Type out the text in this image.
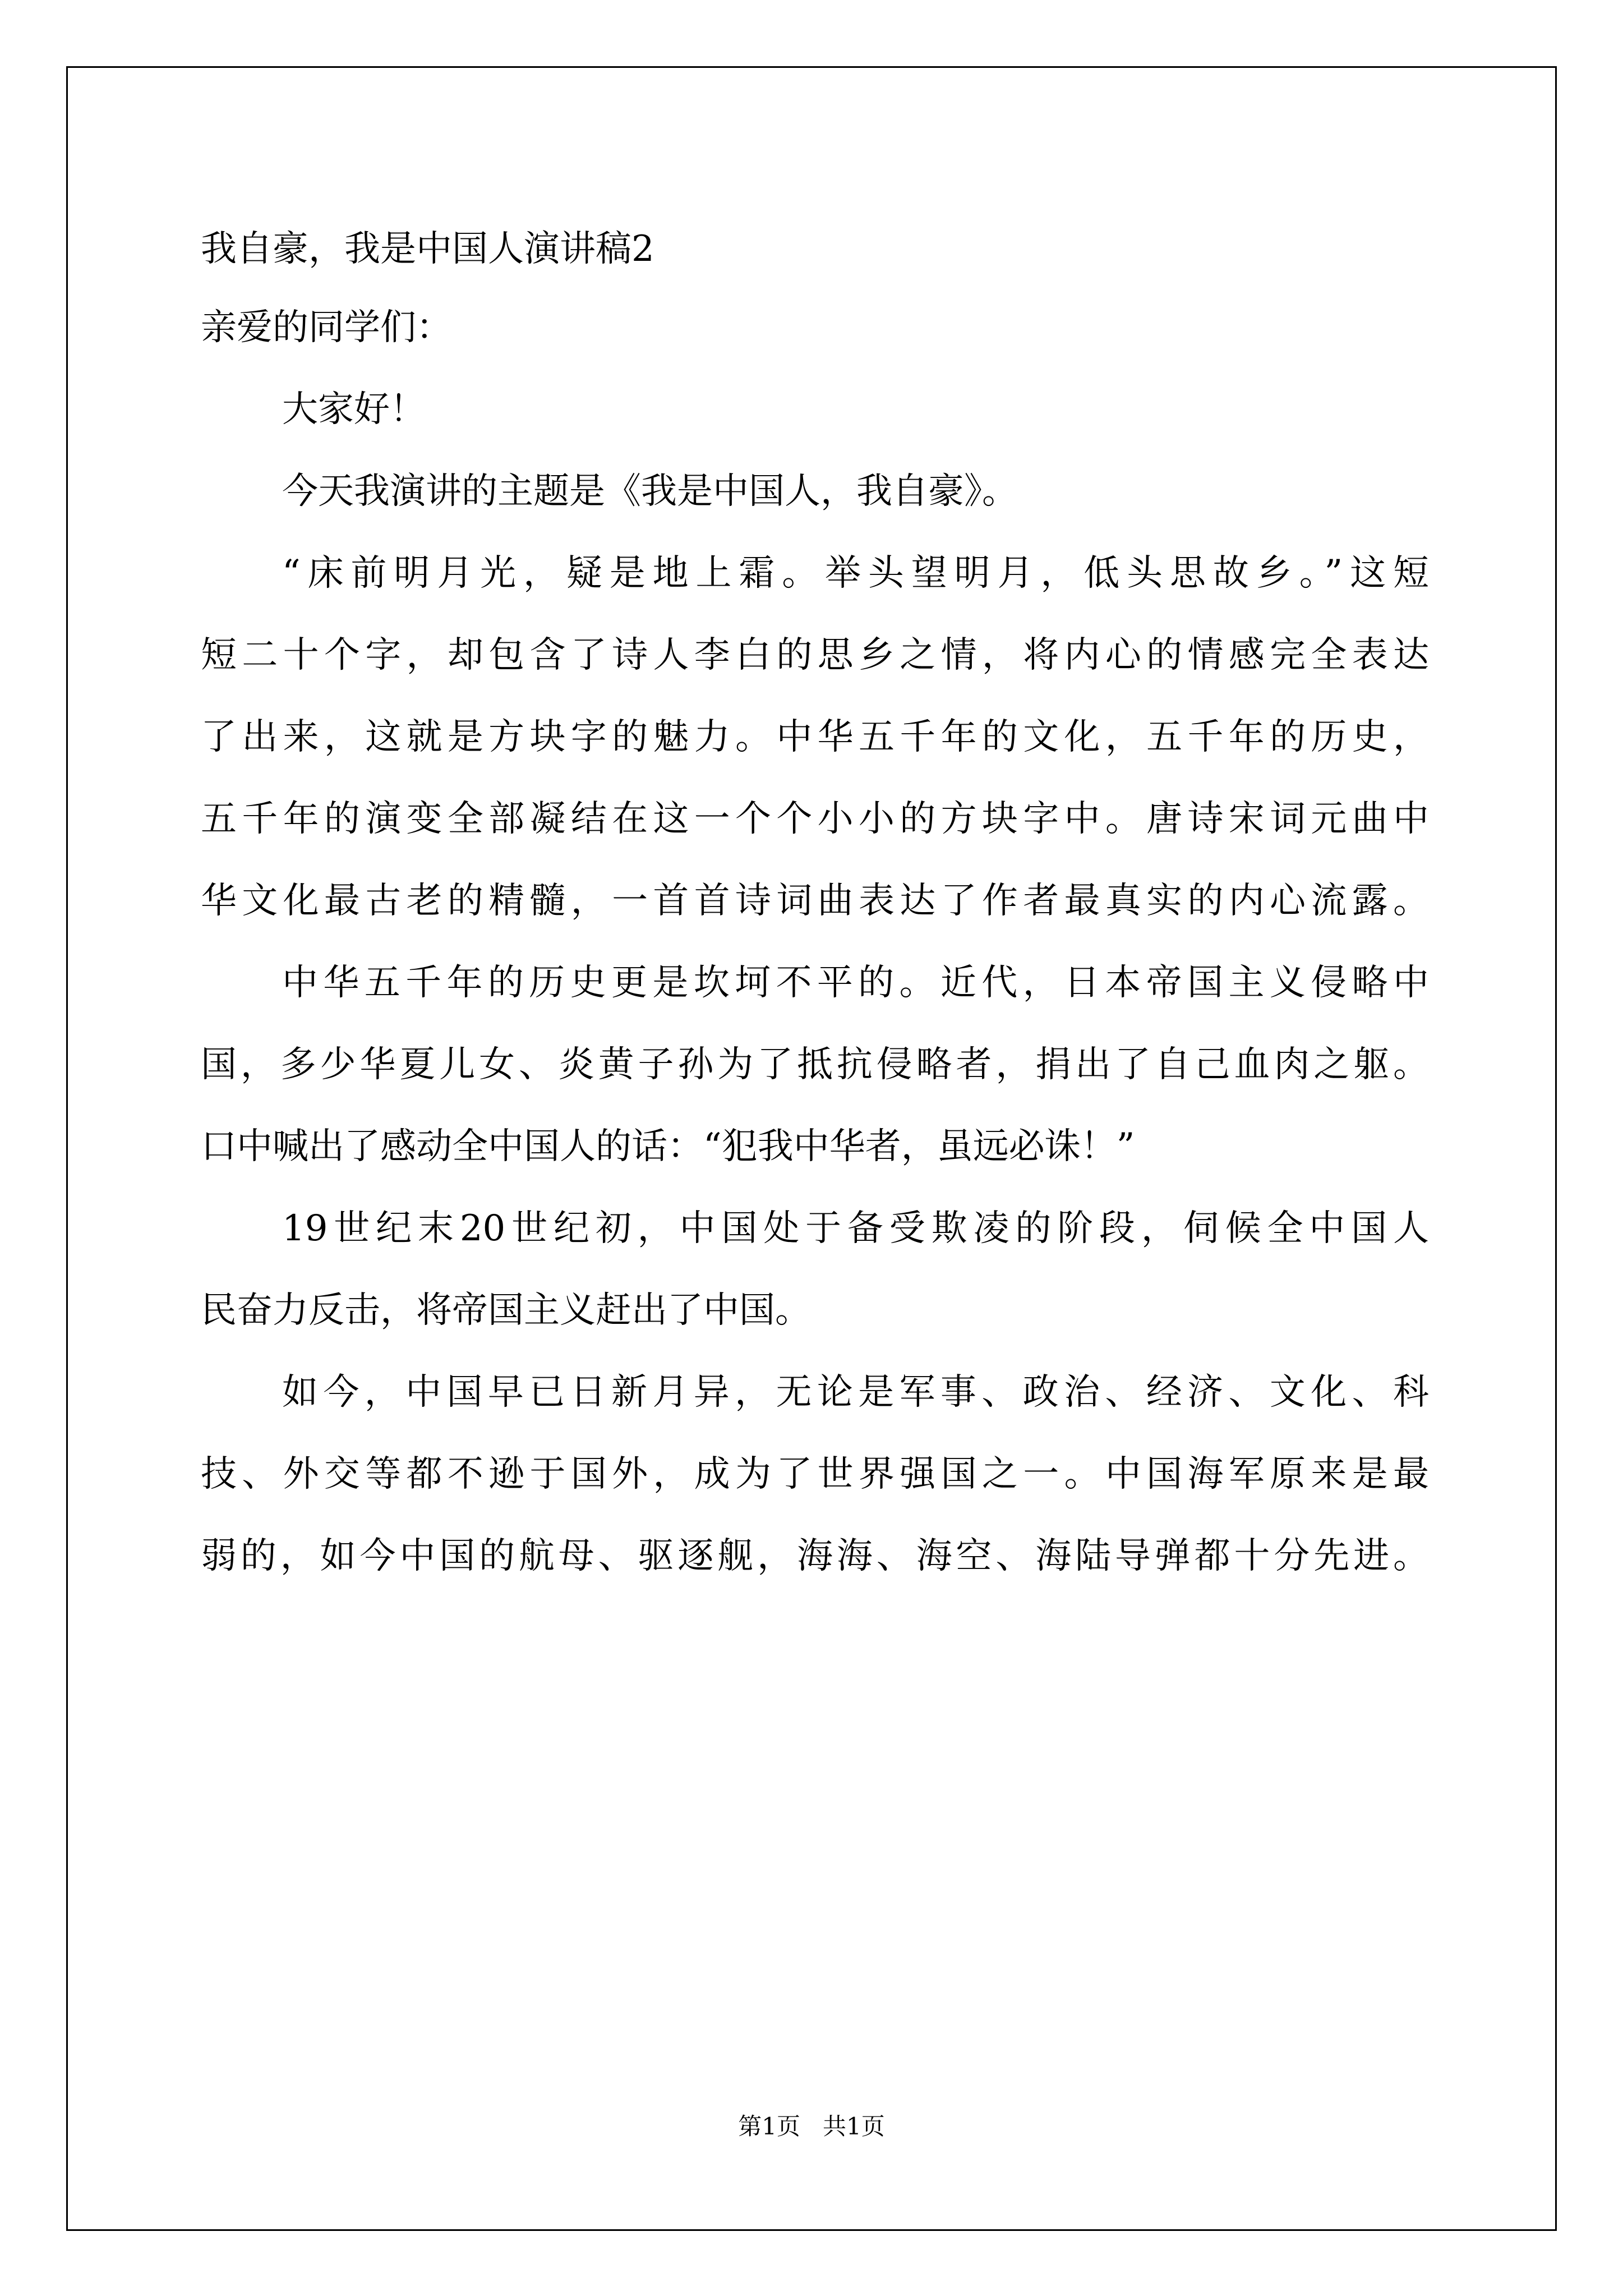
我自豪，我是中国人演讲稿2
亲爱的同学们：
大家好！
今天我演讲的主题是《我是中国人，我自豪》。
“床前明月光，疑是地上霜。举头望明月，低头思故乡。”这短
短二十个字，却包含了诗人李白的思乡之情，将内心的情感完全表达
了出来，这就是方块字的魅力。中华五千年的文化，五千年的历史，
五千年的演变全部凝结在这一个个小小的方块字中。唐诗宋词元曲中
华文化最古老的精髓，一首首诗词曲表达了作者最真实的内心流露。
中华五千年的历史更是坎坷不平的。近代，日本帝国主义侵略中
国，多少华夏儿女、炎黄子孙为了抵抗侵略者，捐出了自己血肉之躯。
口中喊出了感动全中国人的话：“犯我中华者，虽远必诛！”
19世纪末20世纪初，中国处于备受欺凌的阶段，伺候全中国人
民奋力反击，将帝国主义赶出了中国。
如今，中国早已日新月异，无论是军事、政治、经济、文化、科
技、外交等都不逊于国外，成为了世界强国之一。中国海军原来是最
弱的，如今中国的航母、驱逐舰，海海、海空、海陆导弹都十分先进。
第1页   共1页
